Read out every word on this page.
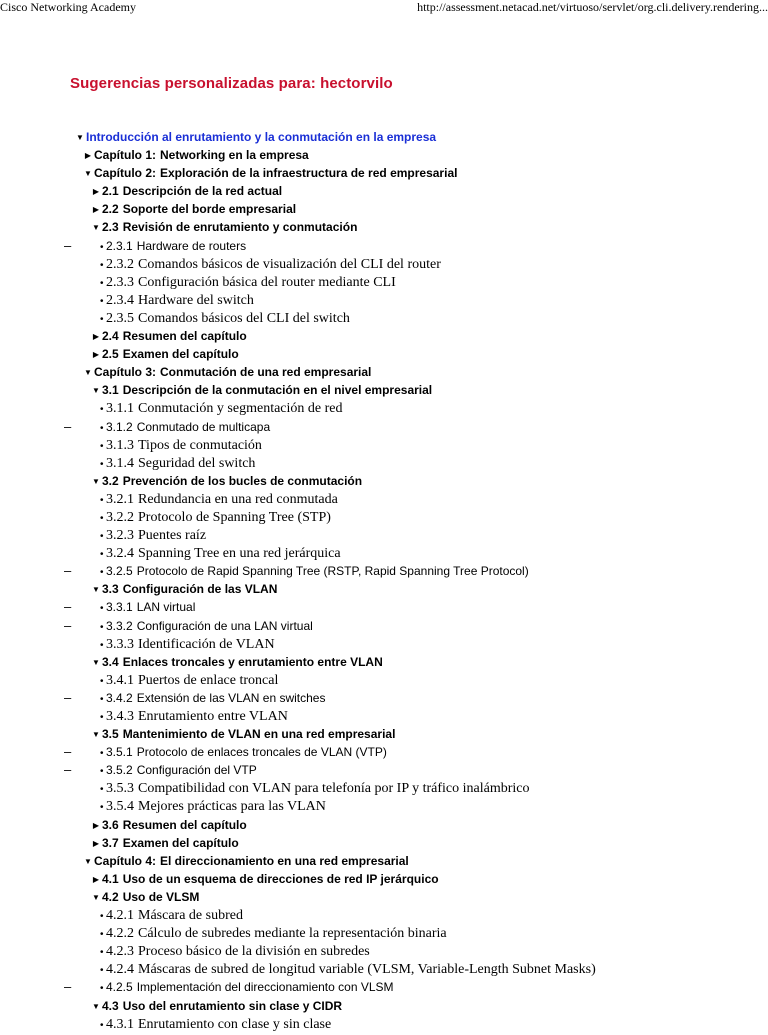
Cisco Networking Academy	http://assessment.netacad.net/virtuoso/servlet/org.cli.delivery.rendering...
Sugerencias personalizadas para: hectorvilo
▼ Introducción al enrutamiento y la conmutación en la empresa
▶ Capítulo 1: Networking en la empresa
▼ Capítulo 2: Exploración de la infraestructura de red empresarial
▶ 2.1 Descripción de la red actual
▶ 2.2 Soporte del borde empresarial
▼ 2.3 Revisión de enrutamiento y conmutación
–	• 2.3.1 Hardware de routers
• 2.3.2 Comandos básicos de visualización del CLI del router
• 2.3.3 Configuración básica del router mediante CLI
• 2.3.4 Hardware del switch
• 2.3.5 Comandos básicos del CLI del switch
▶ 2.4 Resumen del capítulo
▶ 2.5 Examen del capítulo
▼ Capítulo 3: Conmutación de una red empresarial
▼ 3.1 Descripción de la conmutación en el nivel empresarial
• 3.1.1 Conmutación y segmentación de red
–	• 3.1.2 Conmutado de multicapa
• 3.1.3 Tipos de conmutación
• 3.1.4 Seguridad del switch
▼ 3.2 Prevención de los bucles de conmutación
• 3.2.1 Redundancia en una red conmutada
• 3.2.2 Protocolo de Spanning Tree (STP)
• 3.2.3 Puentes raíz
• 3.2.4 Spanning Tree en una red jerárquica
–	• 3.2.5 Protocolo de Rapid Spanning Tree (RSTP, Rapid Spanning Tree Protocol)
▼ 3.3 Configuración de las VLAN
–	• 3.3.1 LAN virtual
–	• 3.3.2 Configuración de una LAN virtual
• 3.3.3 Identificación de VLAN
▼ 3.4 Enlaces troncales y enrutamiento entre VLAN
• 3.4.1 Puertos de enlace troncal
–	• 3.4.2 Extensión de las VLAN en switches
• 3.4.3 Enrutamiento entre VLAN
▼ 3.5 Mantenimiento de VLAN en una red empresarial
–	• 3.5.1 Protocolo de enlaces troncales de VLAN (VTP)
–	• 3.5.2 Configuración del VTP
• 3.5.3 Compatibilidad con VLAN para telefonía por IP y tráfico inalámbrico
• 3.5.4 Mejores prácticas para las VLAN
▶ 3.6 Resumen del capítulo
▶ 3.7 Examen del capítulo
▼ Capítulo 4: El direccionamiento en una red empresarial
▶ 4.1 Uso de un esquema de direcciones de red IP jerárquico
▼ 4.2 Uso de VLSM
• 4.2.1 Máscara de subred
• 4.2.2 Cálculo de subredes mediante la representación binaria
• 4.2.3 Proceso básico de la división en subredes
• 4.2.4 Máscaras de subred de longitud variable (VLSM, Variable-Length Subnet Masks)
–	• 4.2.5 Implementación del direccionamiento con VLSM
▼ 4.3 Uso del enrutamiento sin clase y CIDR
• 4.3.1 Enrutamiento con clase y sin clase
